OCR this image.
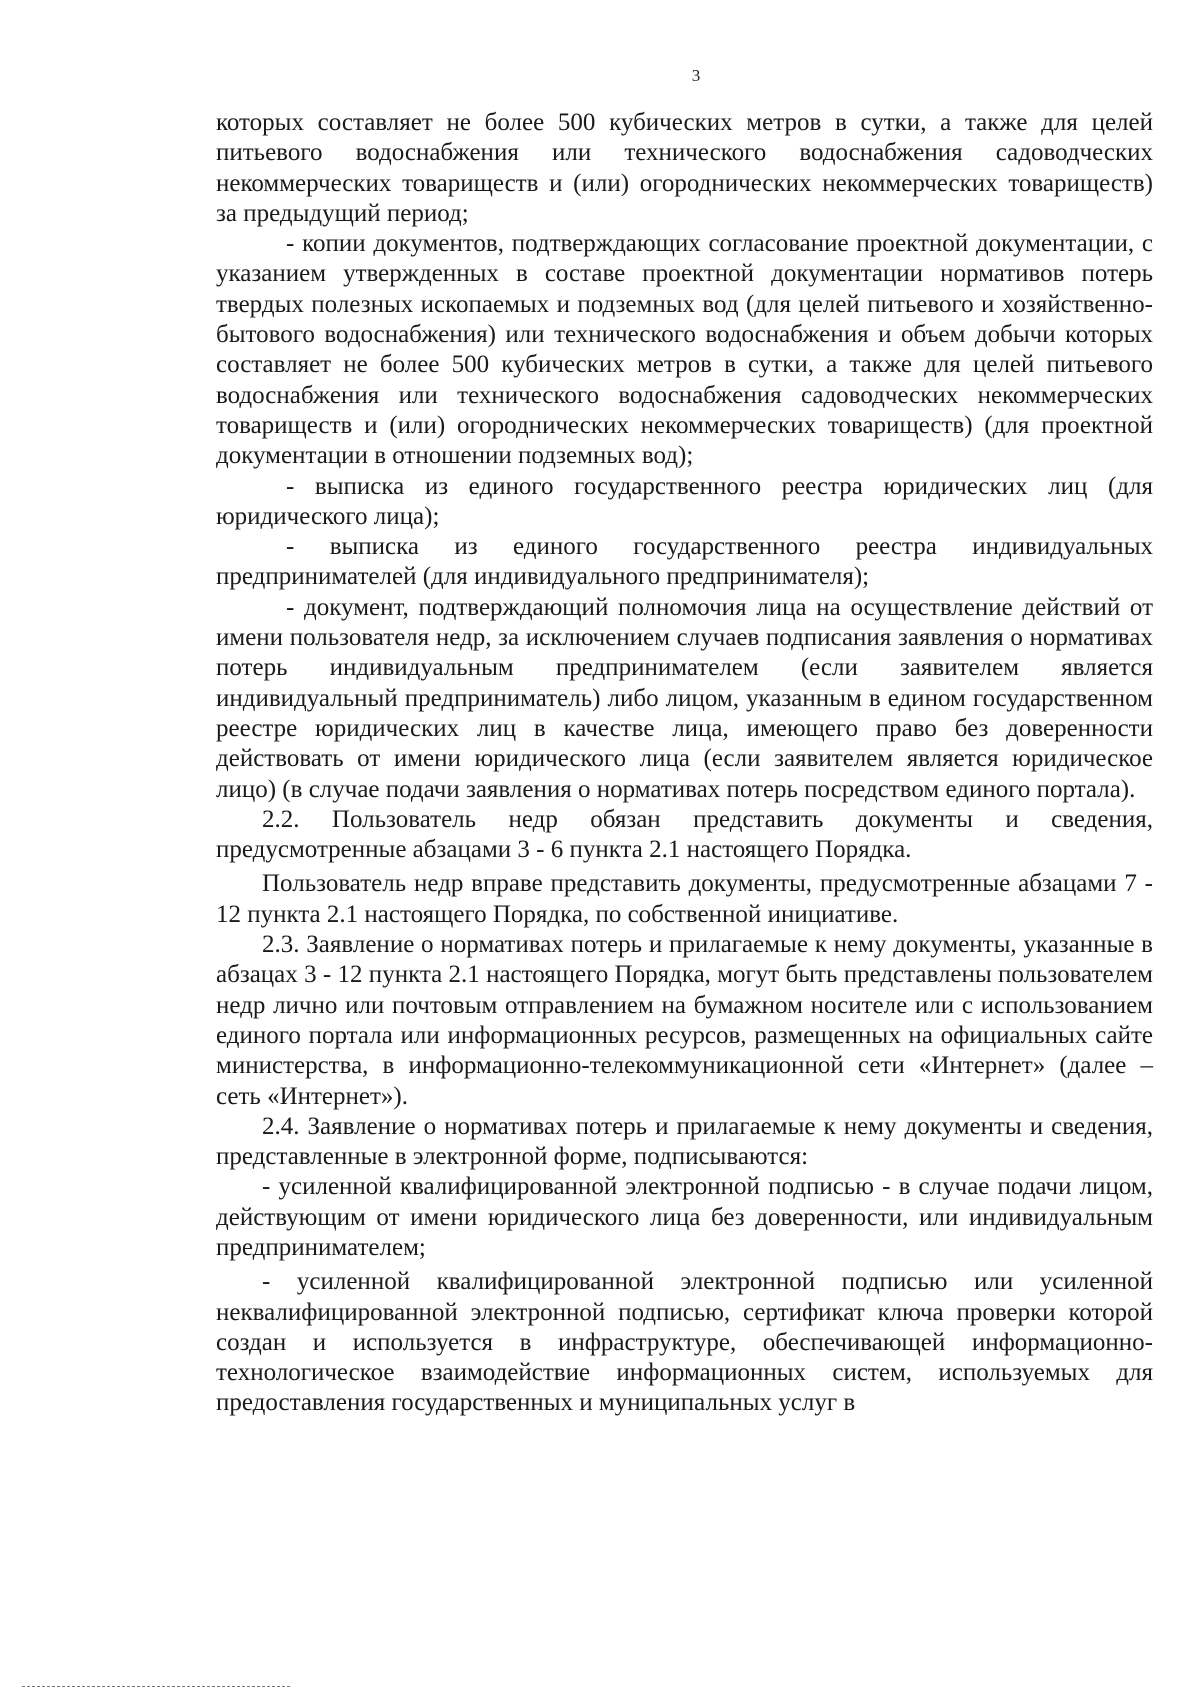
3

которых составляет не более 500 кубических метров в сутки, а также для целей питьевого водоснабжения или технического водоснабжения садоводческих некоммерческих товариществ и (или) огороднических некоммерческих товариществ) за предыдущий период;

- копии документов, подтверждающих согласование проектной документации, с указанием утвержденных в составе проектной документации нормативов потерь твердых полезных ископаемых и подземных вод (для целей питьевого и хозяйственно-бытового водоснабжения) или технического водоснабжения и объем добычи которых составляет не более 500 кубических метров в сутки, а также для целей питьевого водоснабжения или технического водоснабжения садоводческих некоммерческих товариществ и (или) огороднических некоммерческих товариществ) (для проектной документации в отношении подземных вод);

- выписка из единого государственного реестра юридических лиц (для юридического лица);

- выписка из единого государственного реестра индивидуальных предпринимателей (для индивидуального предпринимателя);

- документ, подтверждающий полномочия лица на осуществление действий от имени пользователя недр, за исключением случаев подписания заявления о нормативах потерь индивидуальным предпринимателем (если заявителем является индивидуальный предприниматель) либо лицом, указанным в едином государственном реестре юридических лиц в качестве лица, имеющего право без доверенности действовать от имени юридического лица (если заявителем является юридическое лицо) (в случае подачи заявления о нормативах потерь посредством единого портала).

2.2. Пользователь недр обязан представить документы и сведения, предусмотренные абзацами 3 - 6 пункта 2.1 настоящего Порядка.

Пользователь недр вправе представить документы, предусмотренные абзацами 7 - 12 пункта 2.1 настоящего Порядка, по собственной инициативе.

2.3. Заявление о нормативах потерь и прилагаемые к нему документы, указанные в абзацах 3 - 12 пункта 2.1 настоящего Порядка, могут быть представлены пользователем недр лично или почтовым отправлением на бумажном носителе или с использованием единого портала или информационных ресурсов, размещенных на официальных сайте министерства, в информационно-телекоммуникационной сети «Интернет» (далее – сеть «Интернет»).

2.4. Заявление о нормативах потерь и прилагаемые к нему документы и сведения, представленные в электронной форме, подписываются:

- усиленной квалифицированной электронной подписью - в случае подачи лицом, действующим от имени юридического лица без доверенности, или индивидуальным предпринимателем;

- усиленной квалифицированной электронной подписью или усиленной неквалифицированной электронной подписью, сертификат ключа проверки которой создан и используется в инфраструктуре, обеспечивающей информационно-технологическое взаимодействие информационных систем, используемых для предоставления государственных и муниципальных услуг в
